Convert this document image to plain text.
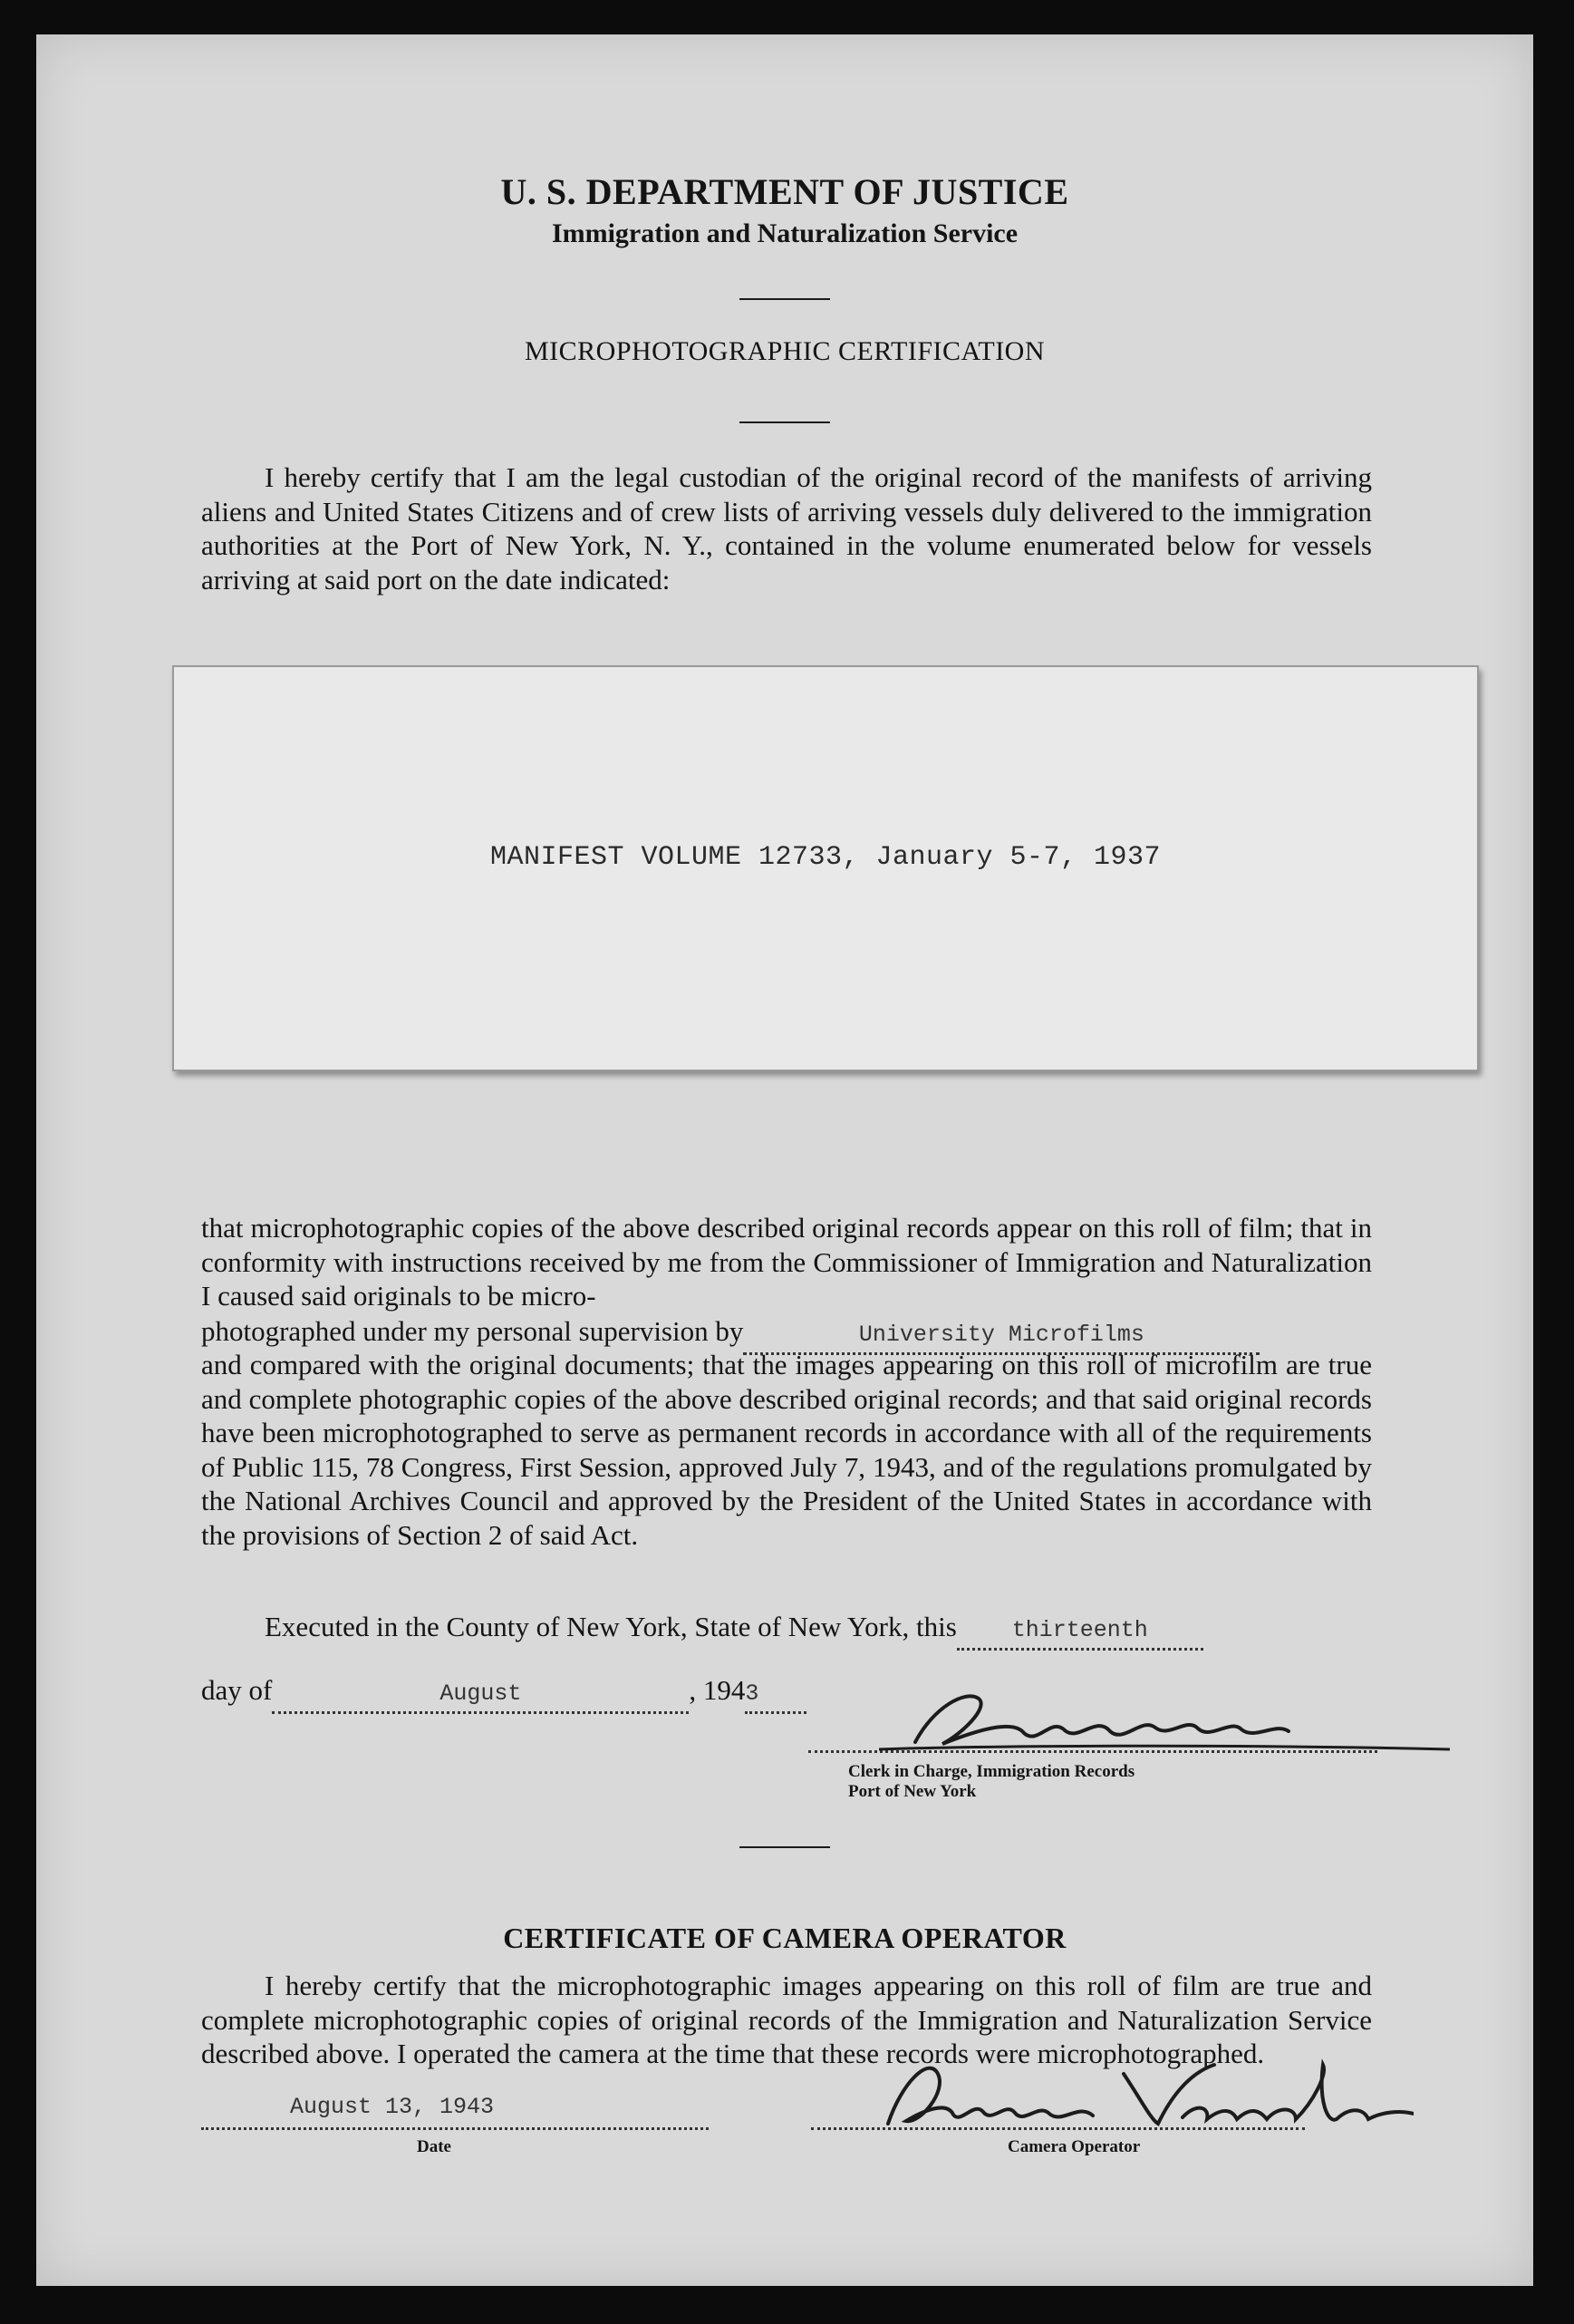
U. S. DEPARTMENT OF JUSTICE
Immigration and Naturalization Service
MICROPHOTOGRAPHIC CERTIFICATION
I hereby certify that I am the legal custodian of the original record of the manifests of arriving aliens and United States Citizens and of crew lists of arriving vessels duly delivered to the immigration authorities at the Port of New York, N. Y., contained in the volume enumerated below for vessels arriving at said port on the date indicated:
MANIFEST VOLUME 12733, January 5-7, 1937
that microphotographic copies of the above described original records appear on this roll of film; that in conformity with instructions received by me from the Commissioner of Immigration and Naturalization I caused said originals to be micro-
photographed under my personal supervision by	University Microfilms
and compared with the original documents; that the images appearing on this roll of microfilm are true and complete photographic copies of the above described original records; and that said original records have been microphotographed to serve as permanent records in accordance with all of the requirements of Public 115, 78 Congress, First Session, approved July 7, 1943, and of the regulations promulgated by the National Archives Council and approved by the President of the United States in accordance with the provisions of Section 2 of said Act.
Executed in the County of New York, State of New York, this thirteenth
day of	August	, 1943
Clerk in Charge, Immigration Records
Port of New York
CERTIFICATE OF CAMERA OPERATOR
I hereby certify that the microphotographic images appearing on this roll of film are true and complete microphotographic copies of original records of the Immigration and Naturalization Service described above. I operated the camera at the time that these records were microphotographed.
August 13, 1943
Date	Camera Operator
